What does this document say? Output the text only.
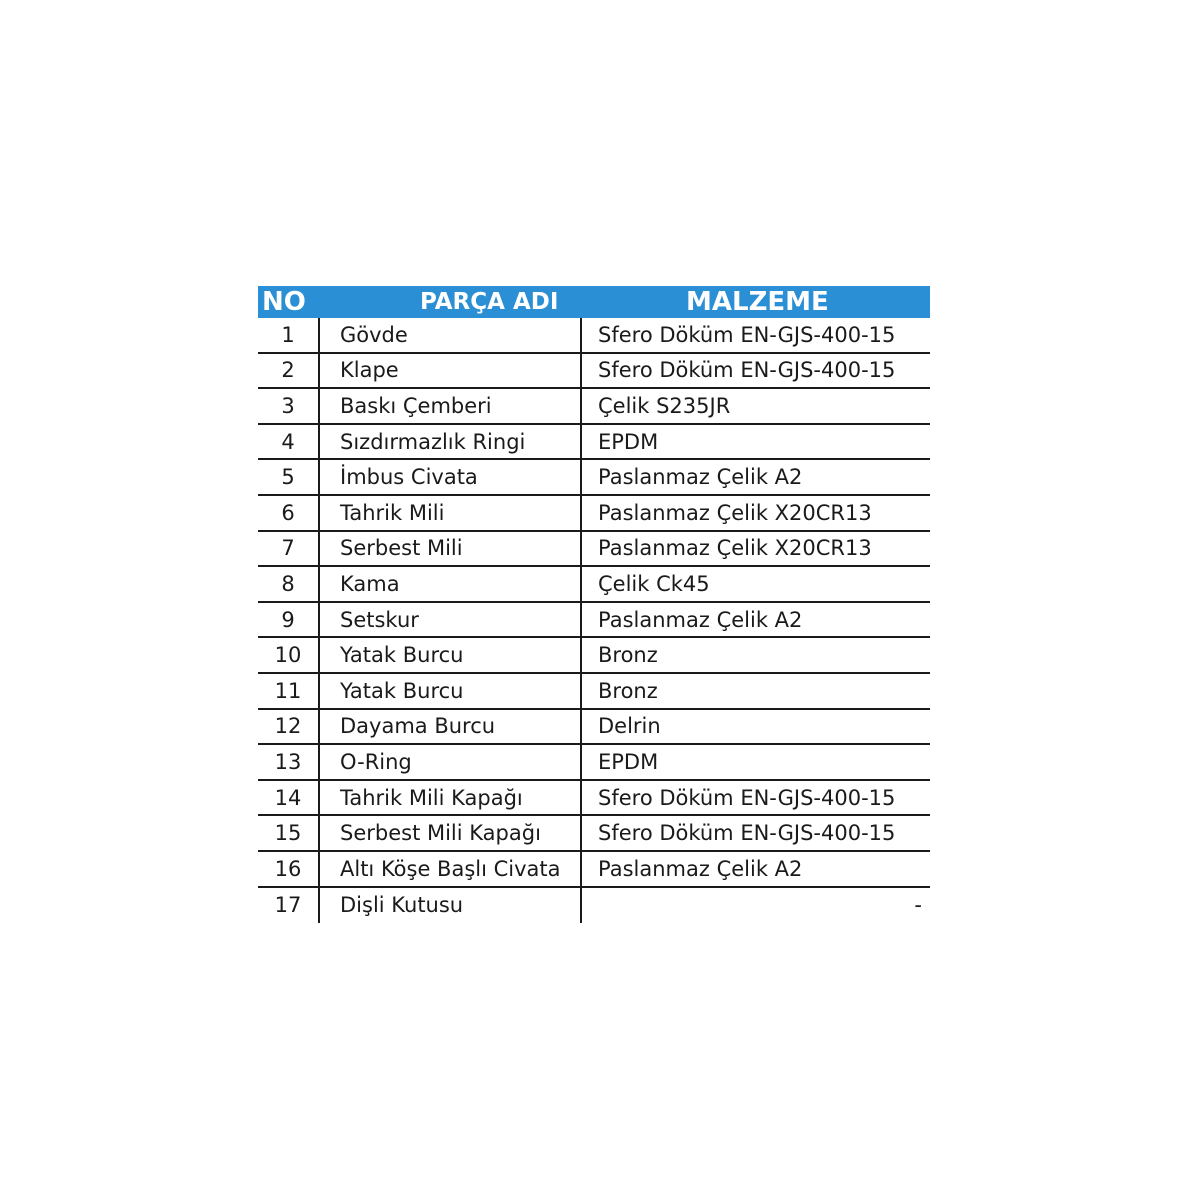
NO	PARÇA ADI	MALZEME
1	Gövde	Sfero Döküm EN-GJS-400-15
2	Klape	Sfero Döküm EN-GJS-400-15
3	Baskı Çemberi	Çelik S235JR
4	Sızdırmazlık Ringi	EPDM
5	İmbus Civata	Paslanmaz Çelik A2
6	Tahrik Mili	Paslanmaz Çelik X20CR13
7	Serbest Mili	Paslanmaz Çelik X20CR13
8	Kama	Çelik Ck45
9	Setskur	Paslanmaz Çelik A2
10	Yatak Burcu	Bronz
11	Yatak Burcu	Bronz
12	Dayama Burcu	Delrin
13	O-Ring	EPDM
14	Tahrik Mili Kapağı	Sfero Döküm EN-GJS-400-15
15	Serbest Mili Kapağı	Sfero Döküm EN-GJS-400-15
16	Altı Köşe Başlı Civata	Paslanmaz Çelik A2
17	Dişli Kutusu	-
